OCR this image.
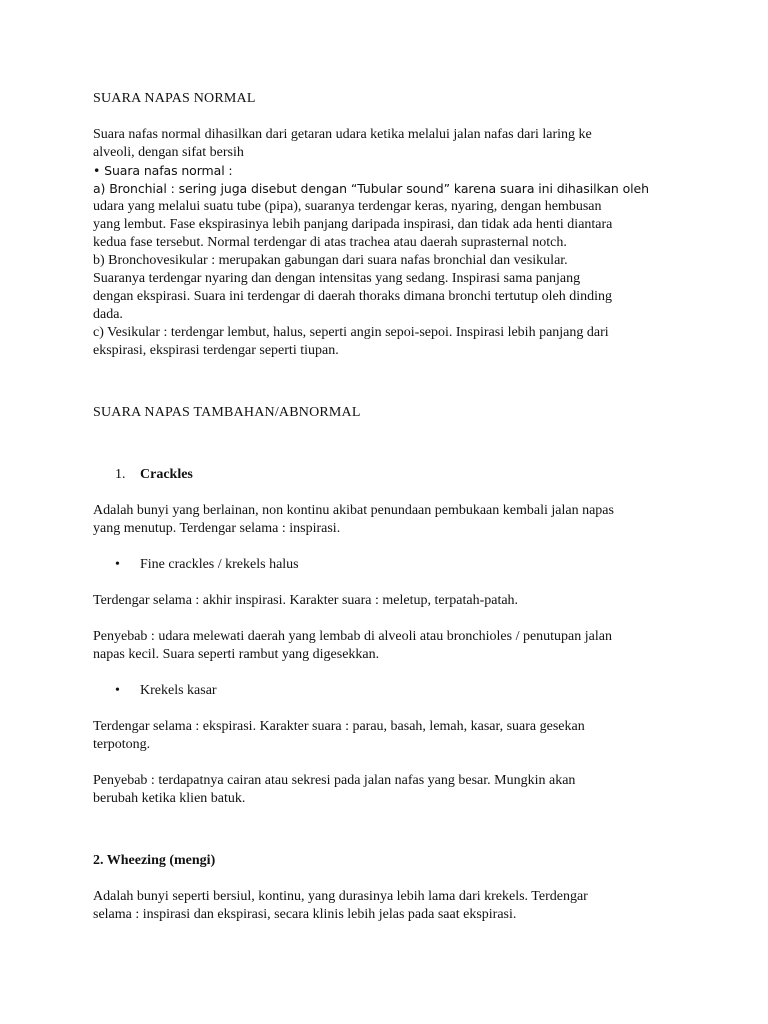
SUARA NAPAS NORMAL

Suara nafas normal dihasilkan dari getaran udara ketika melalui jalan nafas dari laring ke

alveoli, dengan sifat bersih

• Suara nafas normal :

a) Bronchial : sering juga disebut dengan “Tubular sound” karena suara ini dihasilkan oleh

udara yang melalui suatu tube (pipa), suaranya terdengar keras, nyaring, dengan hembusan

yang lembut. Fase ekspirasinya lebih panjang daripada inspirasi, dan tidak ada henti diantara

kedua fase tersebut. Normal terdengar di atas trachea atau daerah suprasternal notch.

b) Bronchovesikular : merupakan gabungan dari suara nafas bronchial dan vesikular.

Suaranya terdengar nyaring dan dengan intensitas yang sedang. Inspirasi sama panjang

dengan ekspirasi. Suara ini terdengar di daerah thoraks dimana bronchi tertutup oleh dinding

dada.

c) Vesikular : terdengar lembut, halus, seperti angin sepoi-sepoi. Inspirasi lebih panjang dari

ekspirasi, ekspirasi terdengar seperti tiupan.

SUARA NAPAS TAMBAHAN/ABNORMAL

1.	Crackles

Adalah bunyi yang berlainan, non kontinu akibat penundaan pembukaan kembali jalan napas

yang menutup. Terdengar selama : inspirasi.

•	Fine crackles / krekels halus

Terdengar selama : akhir inspirasi. Karakter suara : meletup, terpatah-patah.

Penyebab : udara melewati daerah yang lembab di alveoli atau bronchioles / penutupan jalan

napas kecil. Suara seperti rambut yang digesekkan.

•	Krekels kasar

Terdengar selama : ekspirasi. Karakter suara : parau, basah, lemah, kasar, suara gesekan

terpotong.

Penyebab : terdapatnya cairan atau sekresi pada jalan nafas yang besar. Mungkin akan

berubah ketika klien batuk.

2. Wheezing (mengi)

Adalah bunyi seperti bersiul, kontinu, yang durasinya lebih lama dari krekels. Terdengar

selama : inspirasi dan ekspirasi, secara klinis lebih jelas pada saat ekspirasi.
